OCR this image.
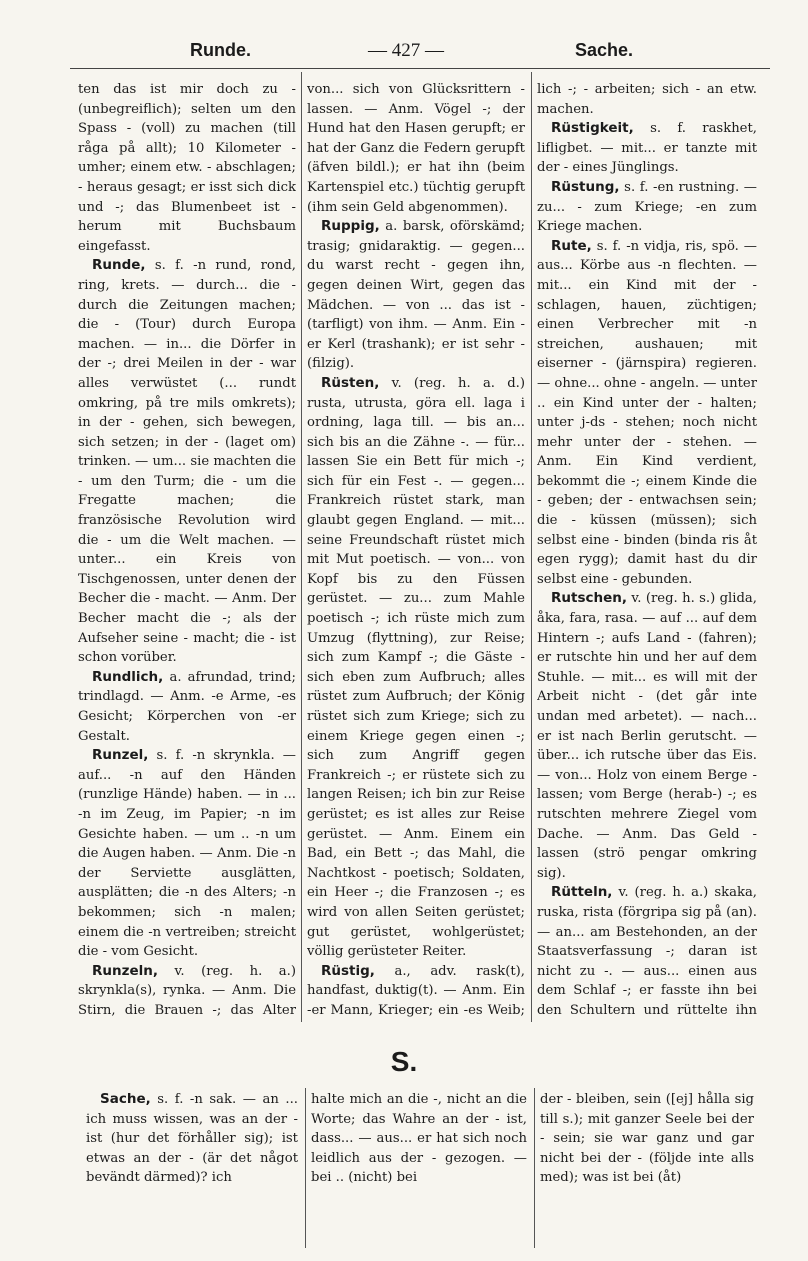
Runde.	— 427 —	Sache.

ten das ist mir doch zu - (unbegreiflich); selten um den Spass - (voll) zu machen (till råga på allt); 10 Kilometer - umher; einem etw. - abschlagen; - heraus gesagt; er isst sich dick und -; das Blumenbeet ist - herum mit Buchsbaum eingefasst.

Runde, s. f. -n rund, rond, ring, krets. — durch... die - durch die Zeitungen machen; die - (Tour) durch Europa machen. — in... die Dörfer in der -; drei Meilen in der - war alles verwüstet (... rundt omkring, på tre mils omkrets); in der - gehen, sich bewegen, sich setzen; in der - (laget om) trinken. — um... sie machten die - um den Turm; die - um die Fregatte machen; die französische Revolution wird die - um die Welt machen. — unter... ein Kreis von Tischgenossen, unter denen der Becher die - macht. — Anm. Der Becher macht die -; als der Aufseher seine - macht; die - ist schon vorüber.

Rundlich, a. afrundad, trind; trindlagd. — Anm. -e Arme, -es Gesicht; Körperchen von -er Gestalt.

Runzel, s. f. -n skrynkla. — auf... -n auf den Händen (runzlige Hände) haben. — in ... -n im Zeug, im Papier; -n im Gesichte haben. — um .. -n um die Augen haben. — Anm. Die -n der Serviette ausglätten, ausplätten; die -n des Alters; -n bekommen; sich -n malen; einem die -n vertreiben; streicht die - vom Gesicht.

Runzeln, v. (reg. h. a.) skrynkla(s), rynka. — Anm. Die Stirn, die Brauen -; das Alter

von... sich von Glücksrittern - lassen. — Anm. Vögel -; der Hund hat den Hasen gerupft; er hat der Ganz die Federn gerupft (äfven bildl.); er hat ihn (beim Kartenspiel etc.) tüchtig gerupft (ihm sein Geld abgenommen).

Ruppig, a. barsk, oförskämd; trasig; gnidaraktig. — gegen... du warst recht - gegen ihn, gegen deinen Wirt, gegen das Mädchen. — von ... das ist - (tarfligt) von ihm. — Anm. Ein -er Kerl (trashank); er ist sehr - (filzig).

Rüsten, v. (reg. h. a. d.) rusta, utrusta, göra ell. laga i ordning, laga till. — bis an... sich bis an die Zähne -. — für... lassen Sie ein Bett für mich -; sich für ein Fest -. — gegen... Frankreich rüstet stark, man glaubt gegen England. — mit... seine Freundschaft rüstet mich mit Mut poetisch. — von... von Kopf bis zu den Füssen gerüstet. — zu... zum Mahle poetisch -; ich rüste mich zum Umzug (flyttning), zur Reise; sich zum Kampf -; die Gäste - sich eben zum Aufbruch; alles rüstet zum Aufbruch; der König rüstet sich zum Kriege; sich zu einem Kriege gegen einen -; sich zum Angriff gegen Frankreich -; er rüstete sich zu langen Reisen; ich bin zur Reise gerüstet; es ist alles zur Reise gerüstet. — Anm. Einem ein Bad, ein Bett -; das Mahl, die Nachtkost - poetisch; Soldaten, ein Heer -; die Franzosen -; es wird von allen Seiten gerüstet; gut gerüstet, wohlgerüstet; völlig gerüsteter Reiter.

Rüstig, a., adv. rask(t), handfast, duktig(t). — Anm. Ein -er Mann, Krieger; ein -es Weib;

lich -; - arbeiten; sich - an etw. machen.

Rüstigkeit, s. f. raskhet, lifligbet. — mit... er tanzte mit der - eines Jünglings.

Rüstung, s. f. -en rustning. — zu... - zum Kriege; -en zum Kriege machen.

Rute, s. f. -n vidja, ris, spö. — aus... Körbe aus -n flechten. — mit... ein Kind mit der - schlagen, hauen, züchtigen; einen Verbrecher mit -n streichen, aushauen; mit eiserner - (järnspira) regieren. — ohne... ohne - angeln. — unter .. ein Kind unter der - halten; unter j-ds - stehen; noch nicht mehr unter der - stehen. — Anm. Ein Kind verdient, bekommt die -; einem Kinde die - geben; der - entwachsen sein; die - küssen (müssen); sich selbst eine - binden (binda ris åt egen rygg); damit hast du dir selbst eine - gebunden.

Rutschen, v. (reg. h. s.) glida, åka, fara, rasa. — auf ... auf dem Hintern -; aufs Land - (fahren); er rutschte hin und her auf dem Stuhle. — mit... es will mit der Arbeit nicht - (det går inte undan med arbetet). — nach... er ist nach Berlin gerutscht. — über... ich rutsche über das Eis. — von... Holz von einem Berge - lassen; vom Berge (herab-) -; es rutschten mehrere Ziegel vom Dache. — Anm. Das Geld - lassen (strö pengar omkring sig).

Rütteln, v. (reg. h. a.) skaka, ruska, rista (förgripa sig på (an). — an... am Bestehonden, an der Staatsverfassung -; daran ist nicht zu -. — aus... einen aus dem Schlaf -; er fasste ihn bei den Schultern und rüttelte ihn

S.

Sache, s. f. -n sak. — an ... ich muss wissen, was an der - ist (hur det förhåller sig); ist etwas an der - (är det något bevändt därmed)? ich

halte mich an die -, nicht an die Worte; das Wahre an der - ist, dass... — aus... er hat sich noch leidlich aus der - gezogen. — bei .. (nicht) bei

der - bleiben, sein ([ej] hålla sig till s.); mit ganzer Seele bei der - sein; sie war ganz und gar nicht bei der - (följde inte alls med); was ist bei (åt)
